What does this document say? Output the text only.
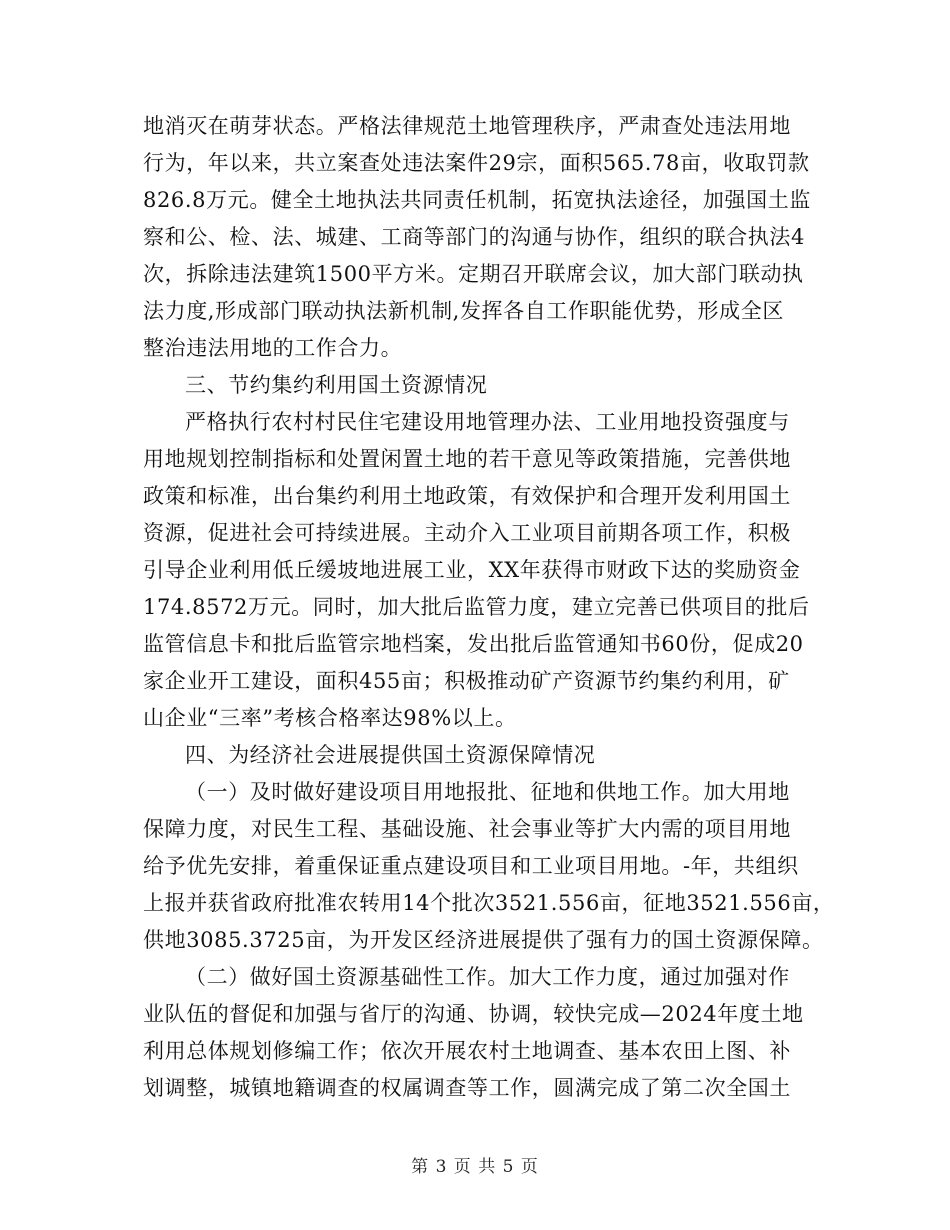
地消灭在萌芽状态。严格法律规范土地管理秩序，严肃查处违法用地
行为，年以来，共立案查处违法案件29宗，面积565.78亩，收取罚款
826.8万元。健全土地执法共同责任机制，拓宽执法途径，加强国土监
察和公、检、法、城建、工商等部门的沟通与协作，组织的联合执法4
次，拆除违法建筑1500平方米。定期召开联席会议，加大部门联动执
法力度,形成部门联动执法新机制,发挥各自工作职能优势，形成全区
整治违法用地的工作合力。
三、节约集约利用国土资源情况
严格执行农村村民住宅建设用地管理办法、工业用地投资强度与
用地规划控制指标和处置闲置土地的若干意见等政策措施，完善供地
政策和标准，出台集约利用土地政策，有效保护和合理开发利用国土
资源，促进社会可持续进展。主动介入工业项目前期各项工作，积极
引导企业利用低丘缓坡地进展工业，XX年获得市财政下达的奖励资金
174.8572万元。同时，加大批后监管力度，建立完善已供项目的批后
监管信息卡和批后监管宗地档案，发出批后监管通知书60份，促成20
家企业开工建设，面积455亩；积极推动矿产资源节约集约利用，矿
山企业“三率”考核合格率达98%以上。
四、为经济社会进展提供国土资源保障情况
（一）及时做好建设项目用地报批、征地和供地工作。加大用地
保障力度，对民生工程、基础设施、社会事业等扩大内需的项目用地
给予优先安排，着重保证重点建设项目和工业项目用地。-年，共组织
上报并获省政府批准农转用14个批次3521.556亩，征地3521.556亩，
供地3085.3725亩，为开发区经济进展提供了强有力的国土资源保障。
（二）做好国土资源基础性工作。加大工作力度，通过加强对作
业队伍的督促和加强与省厅的沟通、协调，较快完成—2024年度土地
利用总体规划修编工作；依次开展农村土地调查、基本农田上图、补
划调整，城镇地籍调查的权属调查等工作，圆满完成了第二次全国土
第 3 页 共 5 页
